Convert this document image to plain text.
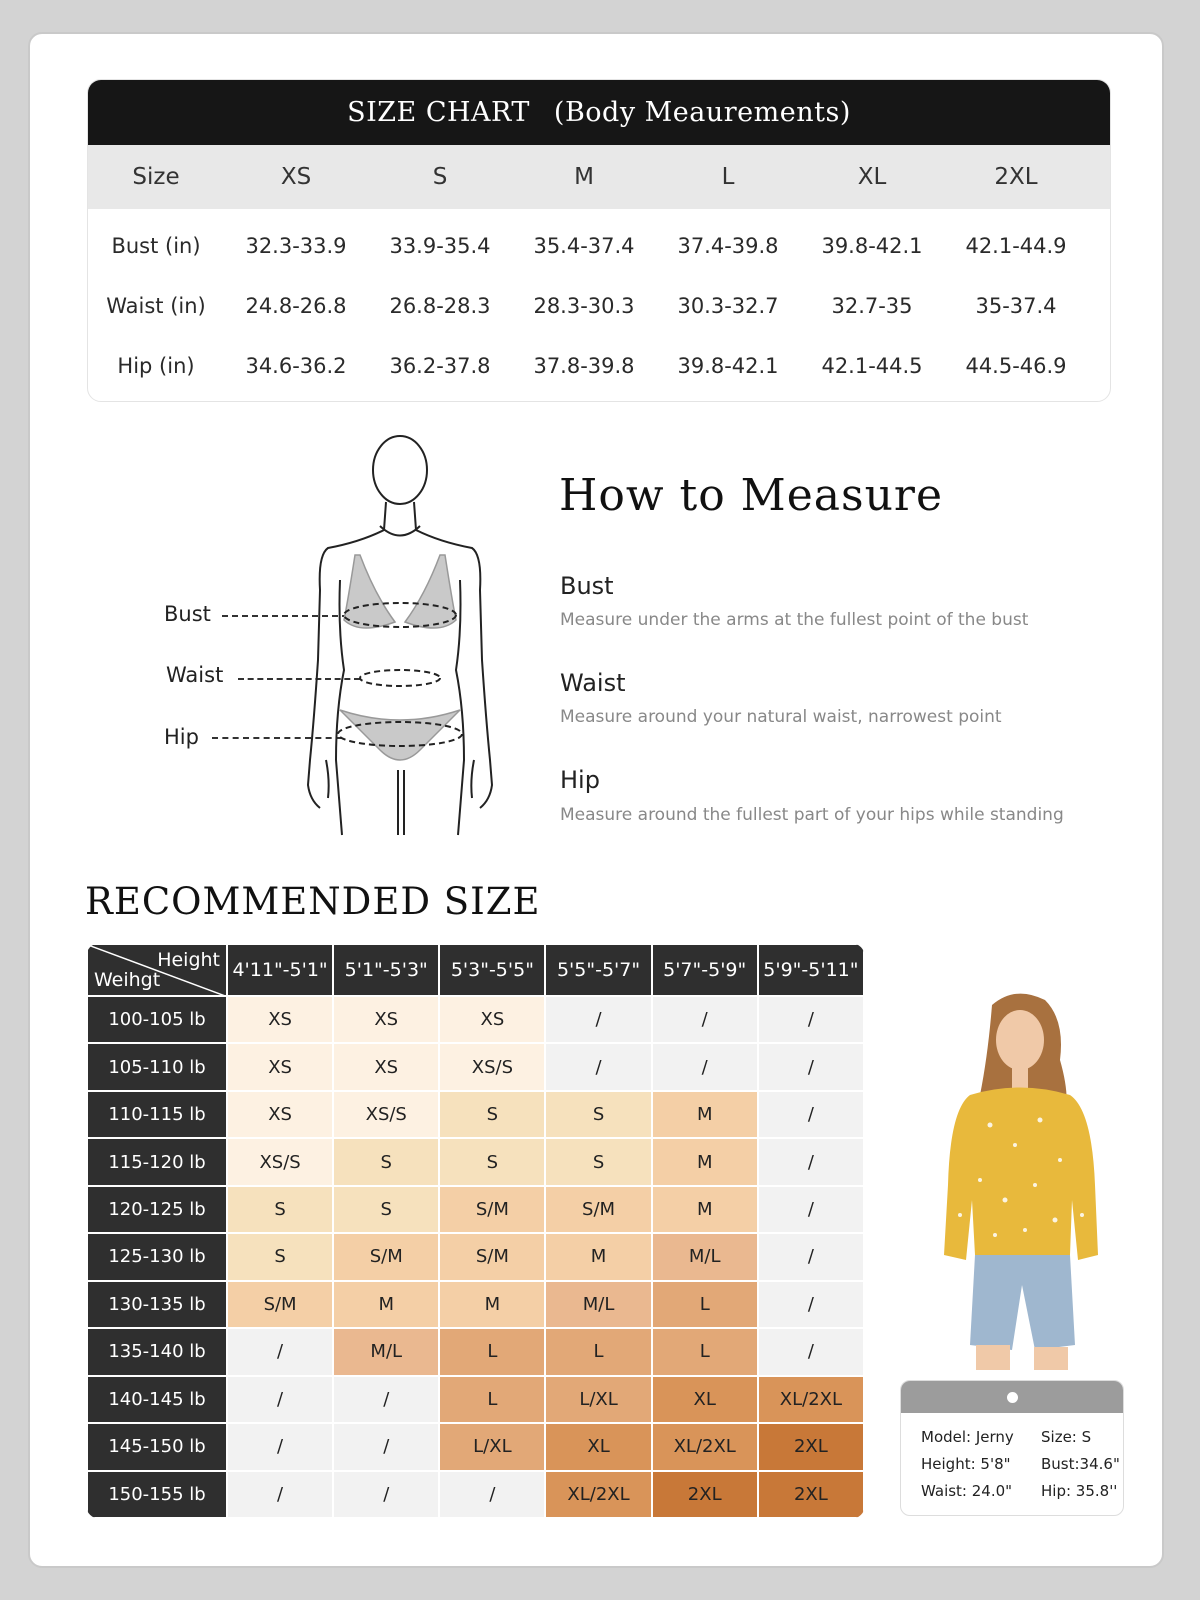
SIZE CHART (Body Meaurements)
Size	XS	S	M	L	XL	2XL
Bust (in)	32.3-33.9	33.9-35.4	35.4-37.4	37.4-39.8	39.8-42.1	42.1-44.9
Waist (in)	24.8-26.8	26.8-28.3	28.3-30.3	30.3-32.7	32.7-35	35-37.4
Hip (in)	34.6-36.2	36.2-37.8	37.8-39.8	39.8-42.1	42.1-44.5	44.5-46.9
Bust
Waist
Hip
How to Measure
Bust
Measure under the arms at the fullest point of the bust
Waist
Measure around your natural waist, narrowest point
Hip
Measure around the fullest part of your hips while standing
RECOMMENDED SIZE
Height
Weihgt	4'11"-5'1"	5'1"-5'3"	5'3"-5'5"	5'5"-5'7"	5'7"-5'9"	5'9"-5'11"
100-105 lb	XS	XS	XS	/	/	/
105-110 lb	XS	XS	XS/S	/	/	/
110-115 lb	XS	XS/S	S	S	M	/
115-120 lb	XS/S	S	S	S	M	/
120-125 lb	S	S	S/M	S/M	M	/
125-130 lb	S	S/M	S/M	M	M/L	/
130-135 lb	S/M	M	M	M/L	L	/
135-140 lb	/	M/L	L	L	L	/
140-145 lb	/	/	L	L/XL	XL	XL/2XL
145-150 lb	/	/	L/XL	XL	XL/2XL	2XL
150-155 lb	/	/	/	XL/2XL	2XL	2XL
Model: Jerny	Size: S
Height: 5'8"	Bust:34.6"
Waist: 24.0"	Hip: 35.8''
